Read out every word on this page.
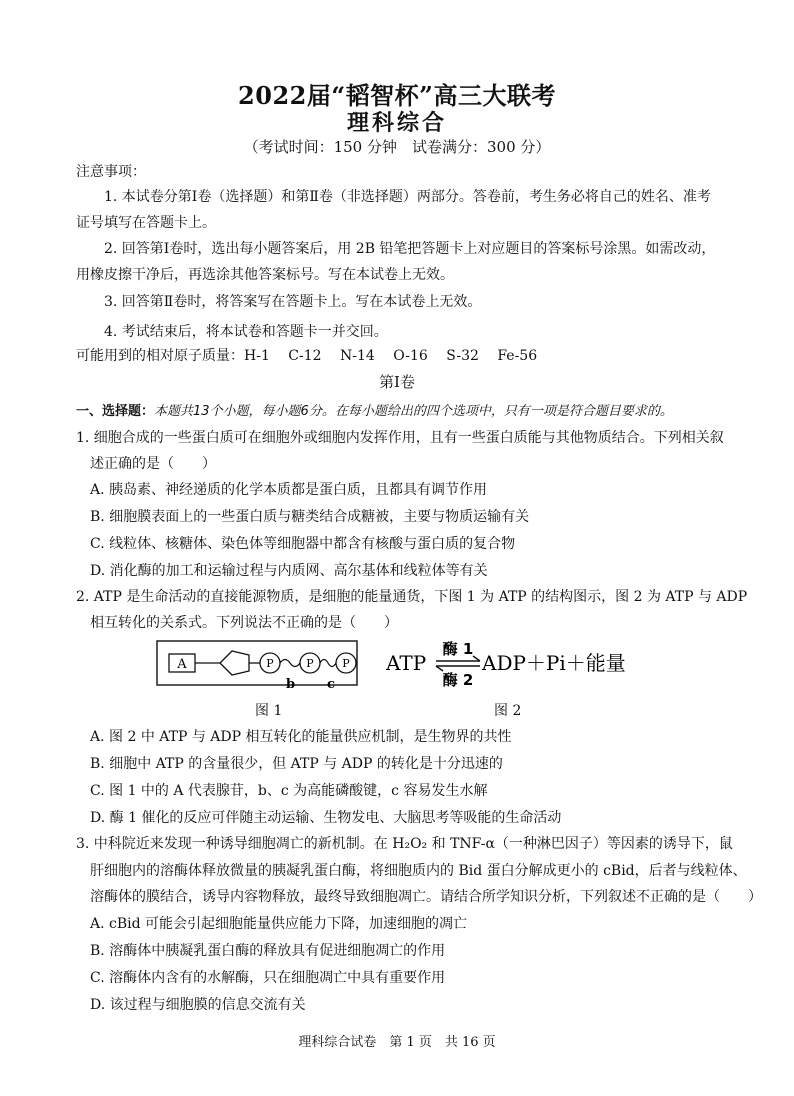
2022届“韬智杯”高三大联考
理科综合
（考试时间：150 分钟　试卷满分：300 分）
注意事项：
1. 本试卷分第Ⅰ卷（选择题）和第Ⅱ卷（非选择题）两部分。答卷前，考生务必将自己的姓名、准考
证号填写在答题卡上。
2. 回答第Ⅰ卷时，选出每小题答案后，用 2B 铅笔把答题卡上对应题目的答案标号涂黑。如需改动，
用橡皮擦干净后，再选涂其他答案标号。写在本试卷上无效。
3. 回答第Ⅱ卷时，将答案写在答题卡上。写在本试卷上无效。
4. 考试结束后，将本试卷和答题卡一并交回。
可能用到的相对原子质量：H-1　 C-12　 N-14　 O-16　 S-32　 Fe-56
第Ⅰ卷
一、选择题：本题共13个小题，每小题6分。在每小题给出的四个选项中，只有一项是符合题目要求的。
1. 细胞合成的一些蛋白质可在细胞外或细胞内发挥作用，且有一些蛋白质能与其他物质结合。下列相关叙
述正确的是（　　）
A. 胰岛素、神经递质的化学本质都是蛋白质，且都具有调节作用
B. 细胞膜表面上的一些蛋白质与糖类结合成糖被，主要与物质运输有关
C. 线粒体、核糖体、染色体等细胞器中都含有核酸与蛋白质的复合物
D. 消化酶的加工和运输过程与内质网、高尔基体和线粒体等有关
2. ATP 是生命活动的直接能源物质，是细胞的能量通货，下图 1 为 ATP 的结构图示，图 2 为 ATP 与 ADP
相互转化的关系式。下列说法不正确的是（　　）
A	P	P	P
b c
ATP
酶 1
酶 2
ADP＋Pi＋能量
图 1	图 2
A. 图 2 中 ATP 与 ADP 相互转化的能量供应机制，是生物界的共性
B. 细胞中 ATP 的含量很少，但 ATP 与 ADP 的转化是十分迅速的
C. 图 1 中的 A 代表腺苷，b、c 为高能磷酸键，c 容易发生水解
D. 酶 1 催化的反应可伴随主动运输、生物发电、大脑思考等吸能的生命活动
3. 中科院近来发现一种诱导细胞凋亡的新机制。在 H₂O₂ 和 TNF-α（一种淋巴因子）等因素的诱导下，鼠
肝细胞内的溶酶体释放微量的胰凝乳蛋白酶，将细胞质内的 Bid 蛋白分解成更小的 cBid，后者与线粒体、
溶酶体的膜结合，诱导内容物释放，最终导致细胞凋亡。请结合所学知识分析，下列叙述不正确的是（　　）
A. cBid 可能会引起细胞能量供应能力下降，加速细胞的凋亡
B. 溶酶体中胰凝乳蛋白酶的释放具有促进细胞凋亡的作用
C. 溶酶体内含有的水解酶，只在细胞凋亡中具有重要作用
D. 该过程与细胞膜的信息交流有关
理科综合试卷　第 1 页　共 16 页
